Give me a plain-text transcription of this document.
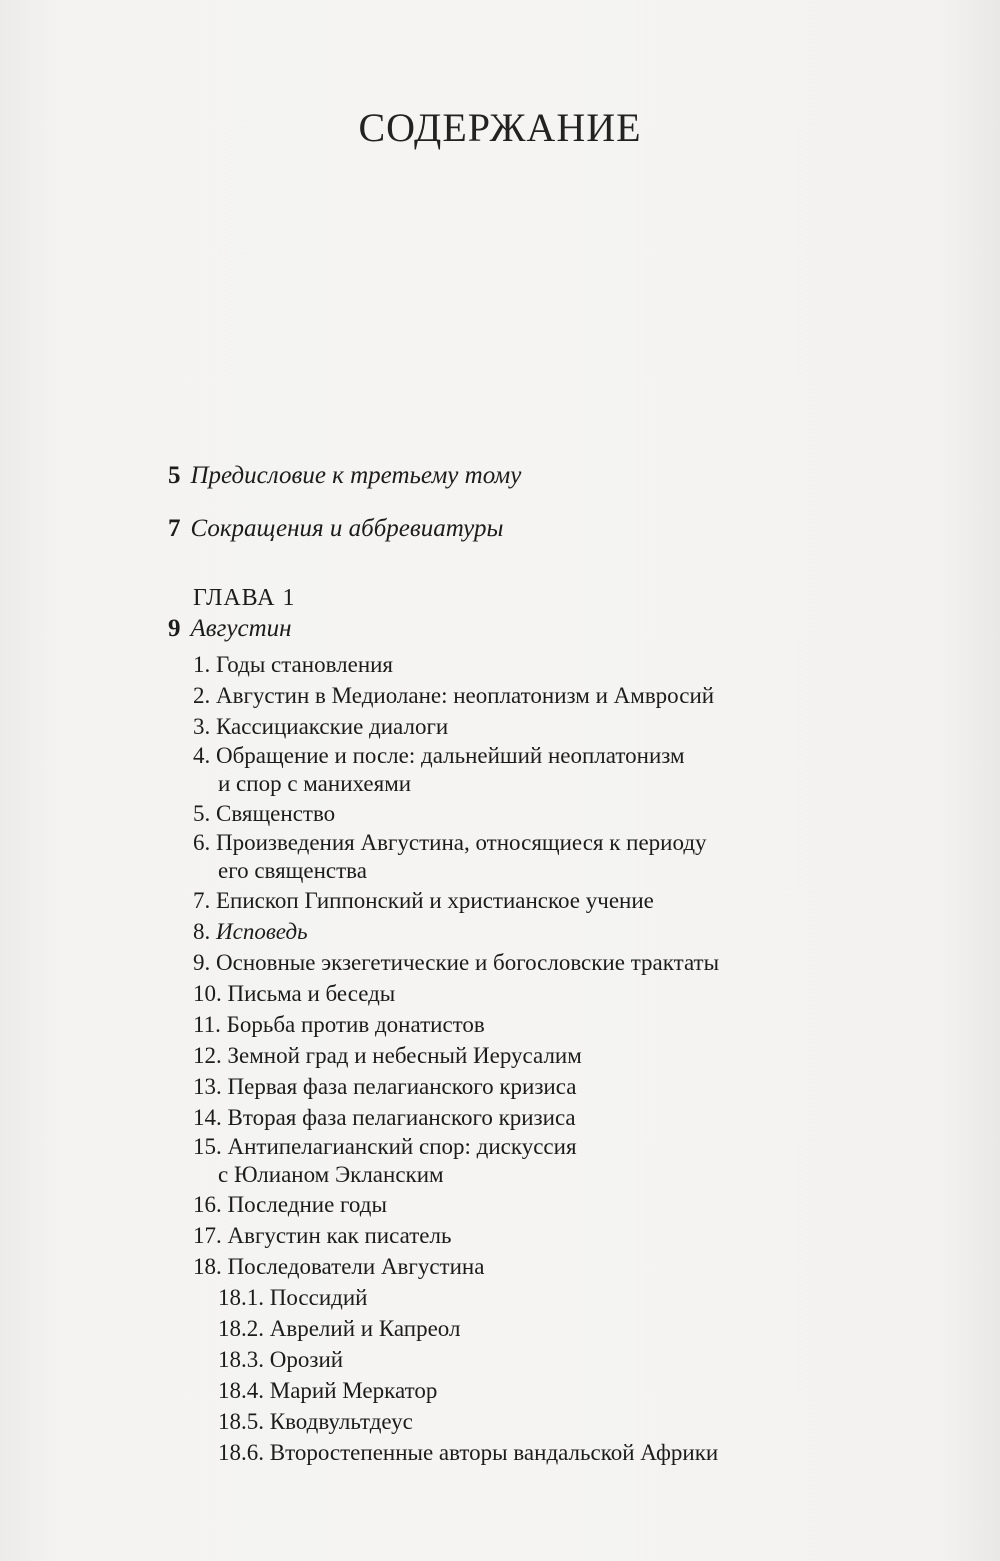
СОДЕРЖАНИЕ
5 Предисловие к третьему тому
7 Сокращения и аббревиатуры
ГЛАВА 1
9 Августин
1. Годы становления
2. Августин в Медиолане: неоплатонизм и Амвросий
3. Кассициакские диалоги
4. Обращение и после: дальнейший неоплатонизм
и спор с манихеями
5. Священство
6. Произведения Августина, относящиеся к периоду
его священства
7. Епископ Гиппонский и христианское учение
8. Исповедь
9. Основные экзегетические и богословские трактаты
10. Письма и беседы
11. Борьба против донатистов
12. Земной град и небесный Иерусалим
13. Первая фаза пелагианского кризиса
14. Вторая фаза пелагианского кризиса
15. Антипелагианский спор: дискуссия
с Юлианом Экланским
16. Последние годы
17. Августин как писатель
18. Последователи Августина
18.1. Поссидий
18.2. Аврелий и Капреол
18.3. Орозий
18.4. Марий Меркатор
18.5. Кводвультдеус
18.6. Второстепенные авторы вандальской Африки
